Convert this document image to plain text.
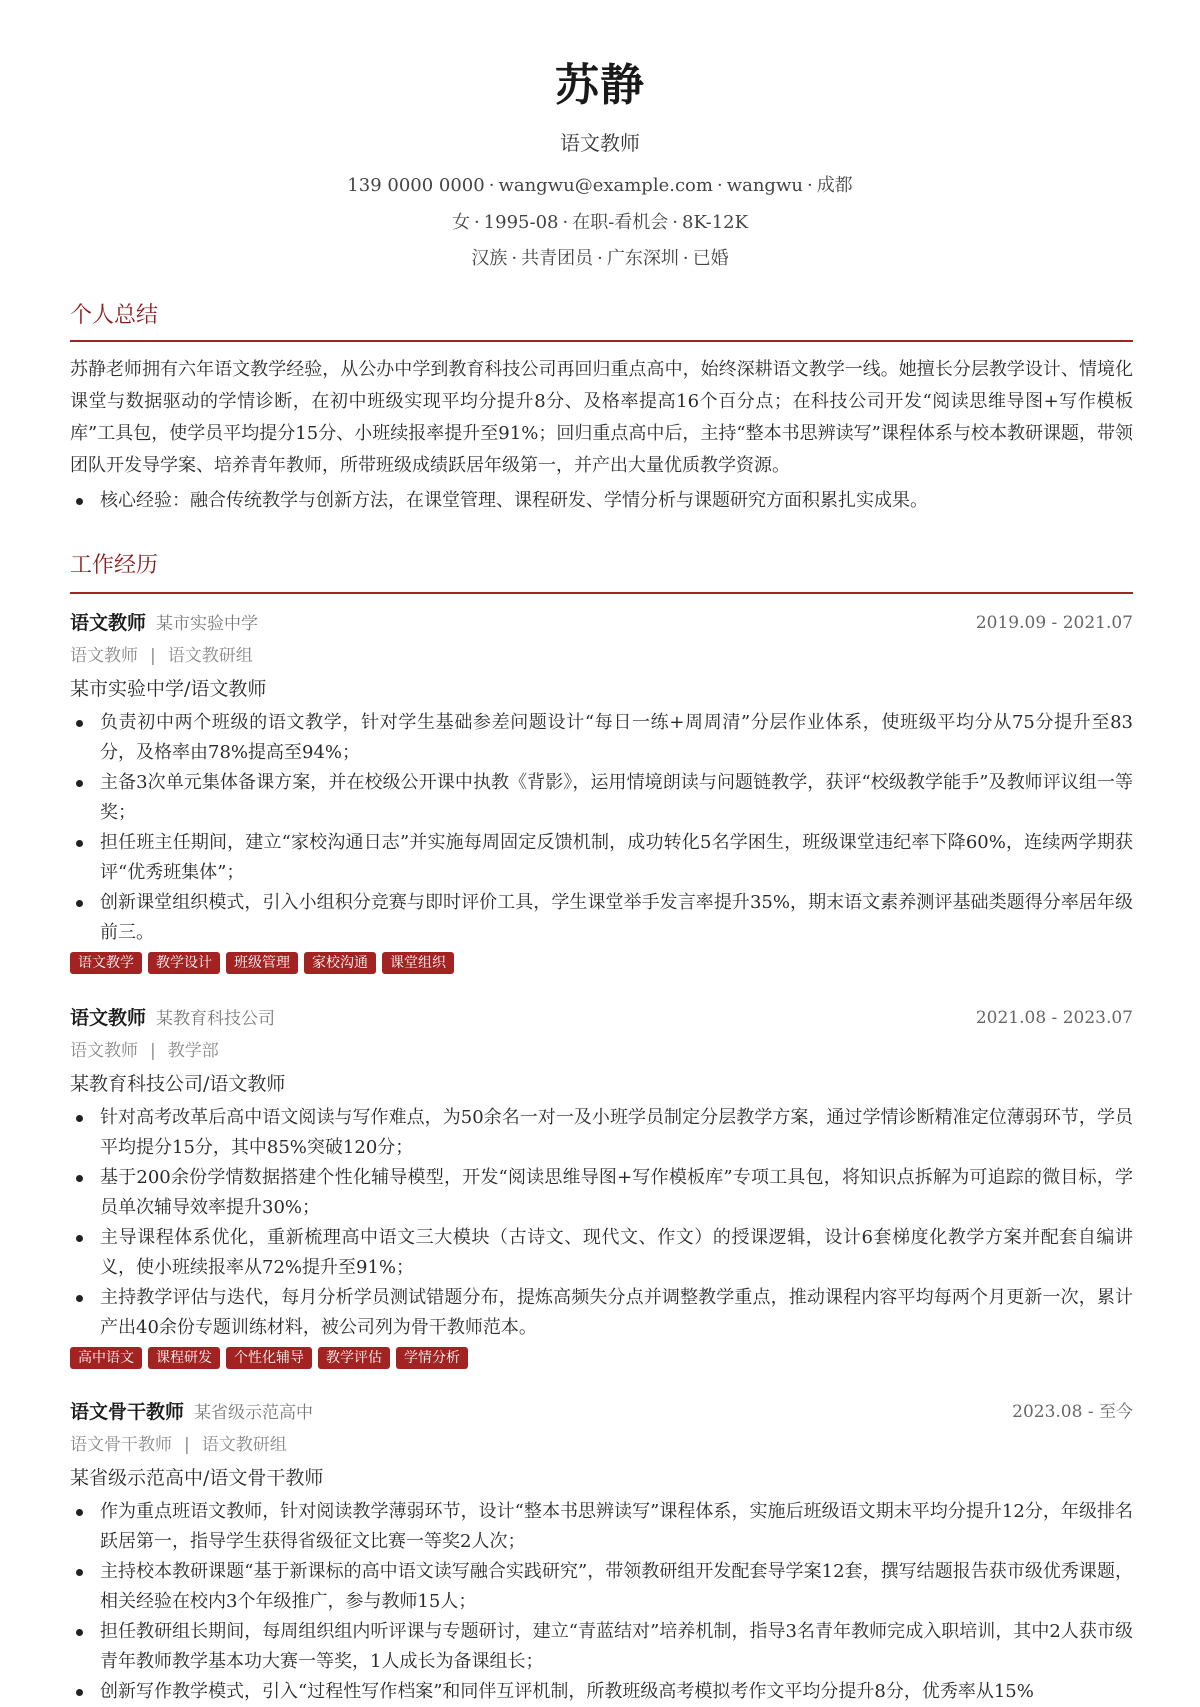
苏静
语文教师
139 0000 0000 · wangwu@example.com · wangwu · 成都
女 · 1995-08 · 在职-看机会 · 8K-12K
汉族 · 共青团员 · 广东深圳 · 已婚
个人总结

苏静老师拥有六年语文教学经验，从公办中学到教育科技公司再回归重点高中，始终深耕语文教学一线。她擅长分层教学设计、情境化课堂与数据驱动的学情诊断，在初中班级实现平均分提升8分、及格率提高16个百分点；在科技公司开发“阅读思维导图+写作模板库”工具包，使学员平均提分15分、小班续报率提升至91%；回归重点高中后，主持“整本书思辨读写”课程体系与校本教研课题，带领团队开发导学案、培养青年教师，所带班级成绩跃居年级第一，并产出大量优质教学资源。

核心经验：融合传统教学与创新方法，在课堂管理、课程研发、学情分析与课题研究方面积累扎实成果。
工作经历
语文教师 某市实验中学	2019.09 - 2021.07
语文教师 | 语文教研组
某市实验中学/语文教师
负责初中两个班级的语文教学，针对学生基础参差问题设计“每日一练+周周清”分层作业体系，使班级平均分从75分提升至83分，及格率由78%提高至94%；
主备3次单元集体备课方案，并在校级公开课中执教《背影》，运用情境朗读与问题链教学，获评“校级教学能手”及教师评议组一等奖；
担任班主任期间，建立“家校沟通日志”并实施每周固定反馈机制，成功转化5名学困生，班级课堂违纪率下降60%，连续两学期获评“优秀班集体”；
创新课堂组织模式，引入小组积分竞赛与即时评价工具，学生课堂举手发言率提升35%，期末语文素养测评基础类题得分率居年级前三。
语文教学 教学设计 班级管理 家校沟通 课堂组织
语文教师 某教育科技公司	2021.08 - 2023.07
语文教师 | 教学部
某教育科技公司/语文教师
针对高考改革后高中语文阅读与写作难点，为50余名一对一及小班学员制定分层教学方案，通过学情诊断精准定位薄弱环节，学员平均提分15分，其中85%突破120分；
基于200余份学情数据搭建个性化辅导模型，开发“阅读思维导图+写作模板库”专项工具包，将知识点拆解为可追踪的微目标，学员单次辅导效率提升30%；
主导课程体系优化，重新梳理高中语文三大模块（古诗文、现代文、作文）的授课逻辑，设计6套梯度化教学方案并配套自编讲义，使小班续报率从72%提升至91%；
主持教学评估与迭代，每月分析学员测试错题分布，提炼高频失分点并调整教学重点，推动课程内容平均每两个月更新一次，累计产出40余份专题训练材料，被公司列为骨干教师范本。
高中语文 课程研发 个性化辅导 教学评估 学情分析
语文骨干教师 某省级示范高中	2023.08 - 至今
语文骨干教师 | 语文教研组
某省级示范高中/语文骨干教师
作为重点班语文教师，针对阅读教学薄弱环节，设计“整本书思辨读写”课程体系，实施后班级语文期末平均分提升12分，年级排名跃居第一，指导学生获得省级征文比赛一等奖2人次；
主持校本教研课题“基于新课标的高中语文读写融合实践研究”，带领教研组开发配套导学案12套，撰写结题报告获市级优秀课题，相关经验在校内3个年级推广，参与教师15人；
担任教研组长期间，每周组织组内听评课与专题研讨，建立“青蓝结对”培养机制，指导3名青年教师完成入职培训，其中2人获市级青年教师教学基本功大赛一等奖，1人成长为备课组长；
创新写作教学模式，引入“过程性写作档案”和同伴互评机制，所教班级高考模拟考作文平均分提升8分，优秀率从15%
